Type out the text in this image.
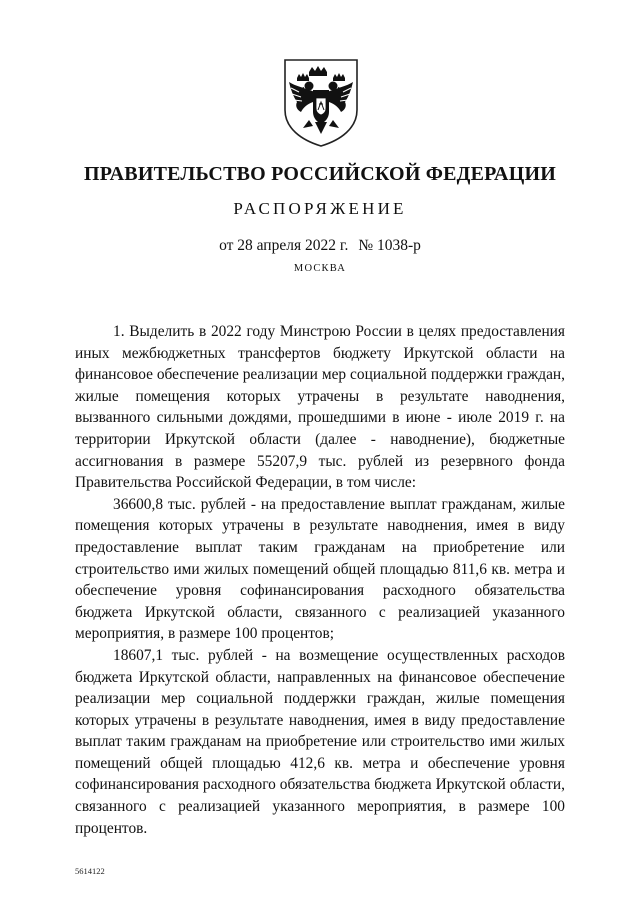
ПРАВИТЕЛЬСТВО РОССИЙСКОЙ ФЕДЕРАЦИИ
РАСПОРЯЖЕНИЕ
от 28 апреля 2022 г. № 1038-р
МОСКВА

1. Выделить в 2022 году Минстрою России в целях предоставления иных межбюджетных трансфертов бюджету Иркутской области на финансовое обеспечение реализации мер социальной поддержки граждан, жилые помещения которых утрачены в результате наводнения, вызванного сильными дождями, прошедшими в июне - июле 2019 г. на территории Иркутской области (далее - наводнение), бюджетные ассигнования в размере 55207,9 тыс. рублей из резервного фонда Правительства Российской Федерации, в том числе:

36600,8 тыс. рублей - на предоставление выплат гражданам, жилые помещения которых утрачены в результате наводнения, имея в виду предоставление выплат таким гражданам на приобретение или строительство ими жилых помещений общей площадью 811,6 кв. метра и обеспечение уровня софинансирования расходного обязательства бюджета Иркутской области, связанного с реализацией указанного мероприятия, в размере 100 процентов;

18607,1 тыс. рублей - на возмещение осуществленных расходов бюджета Иркутской области, направленных на финансовое обеспечение реализации мер социальной поддержки граждан, жилые помещения которых утрачены в результате наводнения, имея в виду предоставление выплат таким гражданам на приобретение или строительство ими жилых помещений общей площадью 412,6 кв. метра и обеспечение уровня софинансирования расходного обязательства бюджета Иркутской области, связанного с реализацией указанного мероприятия, в размере 100 процентов.

5614122
